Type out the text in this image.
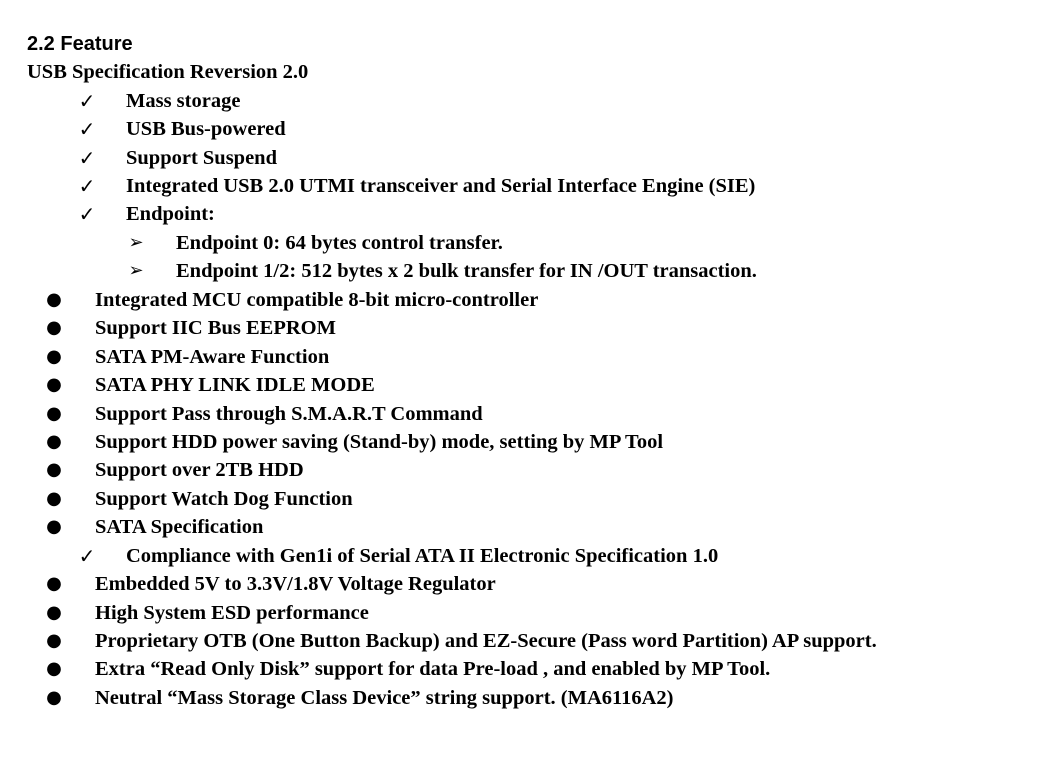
2.2 Feature
USB Specification Reversion 2.0
✓ Mass storage
✓ USB Bus-powered
✓ Support Suspend
✓ Integrated USB 2.0 UTMI transceiver and Serial Interface Engine (SIE)
✓ Endpoint:
➢ Endpoint 0: 64 bytes control transfer.
➢ Endpoint 1/2: 512 bytes x 2 bulk transfer for IN /OUT transaction.
● Integrated MCU compatible 8-bit micro-controller
● Support IIC Bus EEPROM
● SATA PM-Aware Function
● SATA PHY LINK IDLE MODE
● Support Pass through S.M.A.R.T Command
● Support HDD power saving (Stand-by) mode, setting by MP Tool
● Support over 2TB HDD
● Support Watch Dog Function
● SATA Specification
✓ Compliance with Gen1i of Serial ATA II Electronic Specification 1.0
● Embedded 5V to 3.3V/1.8V Voltage Regulator
● High System ESD performance
● Proprietary OTB (One Button Backup) and EZ-Secure (Pass word Partition) AP support.
● Extra “Read Only Disk” support for data Pre-load , and enabled by MP Tool.
● Neutral “Mass Storage Class Device” string support. (MA6116A2)
